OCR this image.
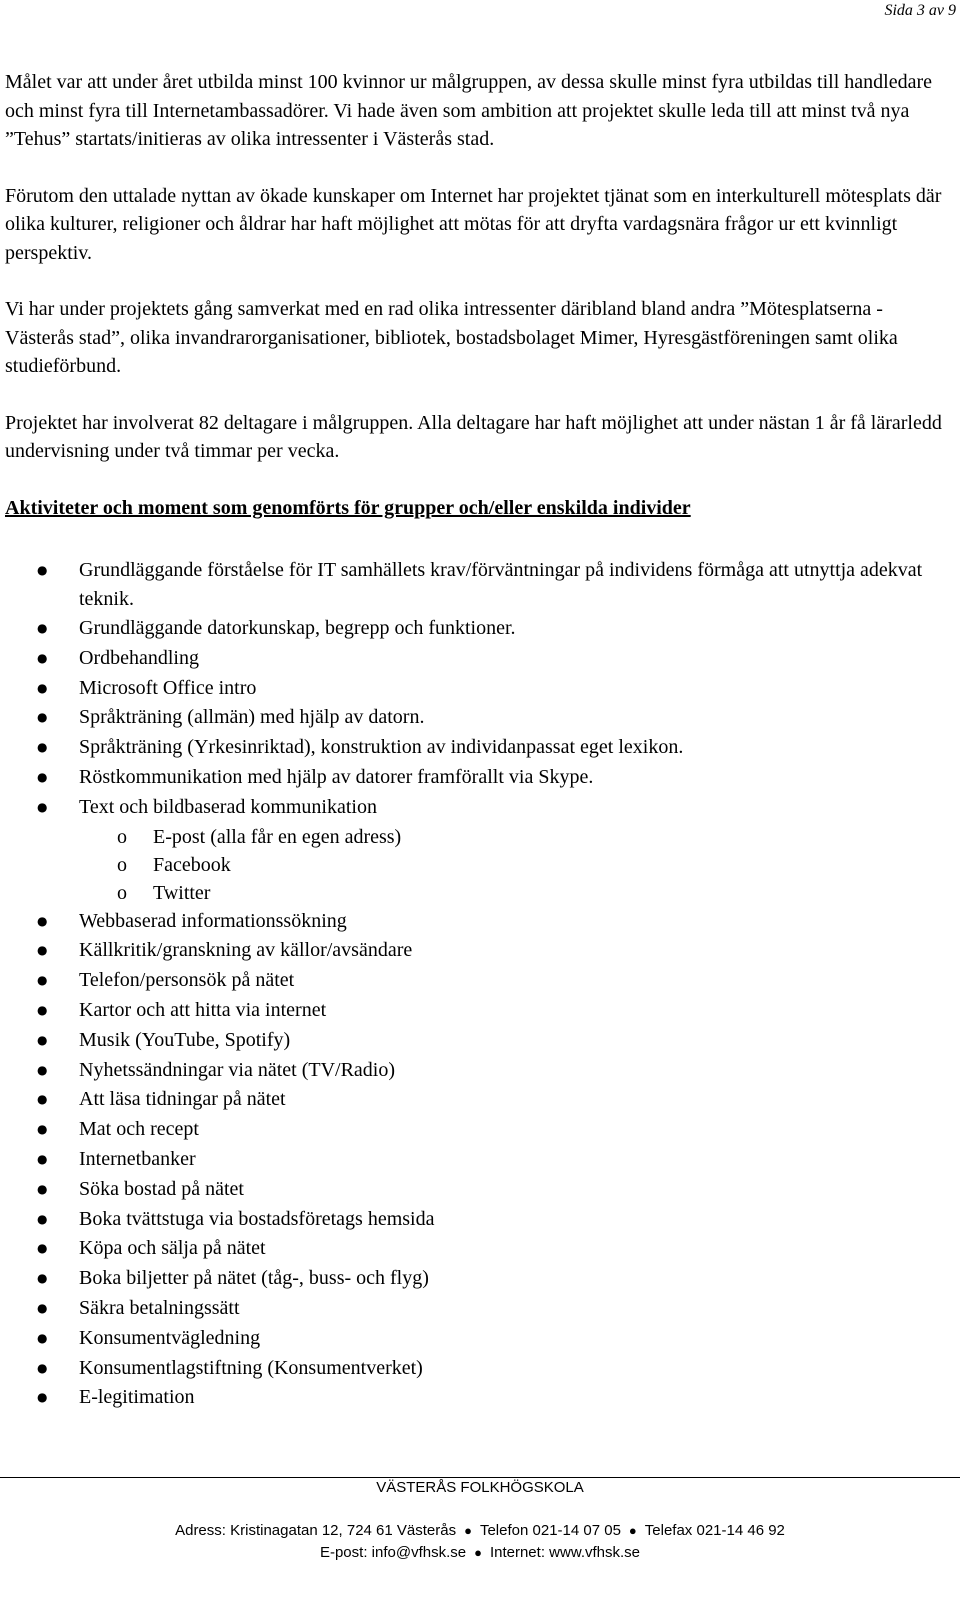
Sida 3 av 9

Målet var att under året utbilda minst 100 kvinnor ur målgruppen, av dessa skulle minst fyra utbildas till handledare och minst fyra till Internetambassadörer. Vi hade även som ambition att projektet skulle leda till att minst två nya ”Tehus” startats/initieras av olika intressenter i Västerås stad.

Förutom den uttalade nyttan av ökade kunskaper om Internet har projektet tjänat som en interkulturell mötesplats där olika kulturer, religioner och åldrar har haft möjlighet att mötas för att dryfta vardagsnära frågor ur ett kvinnligt perspektiv.

Vi har under projektets gång samverkat med en rad olika intressenter däribland bland andra ”Mötesplatserna - Västerås stad”, olika invandrarorganisationer, bibliotek, bostadsbolaget Mimer, Hyresgästföreningen samt olika studieförbund.

Projektet har involverat 82 deltagare i målgruppen. Alla deltagare har haft möjlighet att under nästan 1 år få lärarledd undervisning under två timmar per vecka.

Aktiviteter och moment som genomförts för grupper och/eller enskilda individer
● Grundläggande förståelse för IT samhällets krav/förväntningar på individens förmåga att utnyttja adekvat teknik.
● Grundläggande datorkunskap, begrepp och funktioner.
● Ordbehandling
● Microsoft Office intro
● Språkträning (allmän) med hjälp av datorn.
● Språkträning (Yrkesinriktad), konstruktion av individanpassat eget lexikon.
● Röstkommunikation med hjälp av datorer framförallt via Skype.
● Text och bildbaserad kommunikation
o E-post (alla får en egen adress)
o Facebook
o Twitter
● Webbaserad informationssökning
● Källkritik/granskning av källor/avsändare
● Telefon/personsök på nätet
● Kartor och att hitta via internet
● Musik (YouTube, Spotify)
● Nyhetssändningar via nätet (TV/Radio)
● Att läsa tidningar på nätet
● Mat och recept
● Internetbanker
● Söka bostad på nätet
● Boka tvättstuga via bostadsföretags hemsida
● Köpa och sälja på nätet
● Boka biljetter på nätet (tåg-, buss- och flyg)
● Säkra betalningssätt
● Konsumentvägledning
● Konsumentlagstiftning (Konsumentverket)
● E-legitimation
VÄSTERÅS FOLKHÖGSKOLA
Adress: Kristinagatan 12, 724 61 Västerås ● Telefon 021-14 07 05 ● Telefax 021-14 46 92
E-post: info@vfhsk.se ● Internet: www.vfhsk.se
